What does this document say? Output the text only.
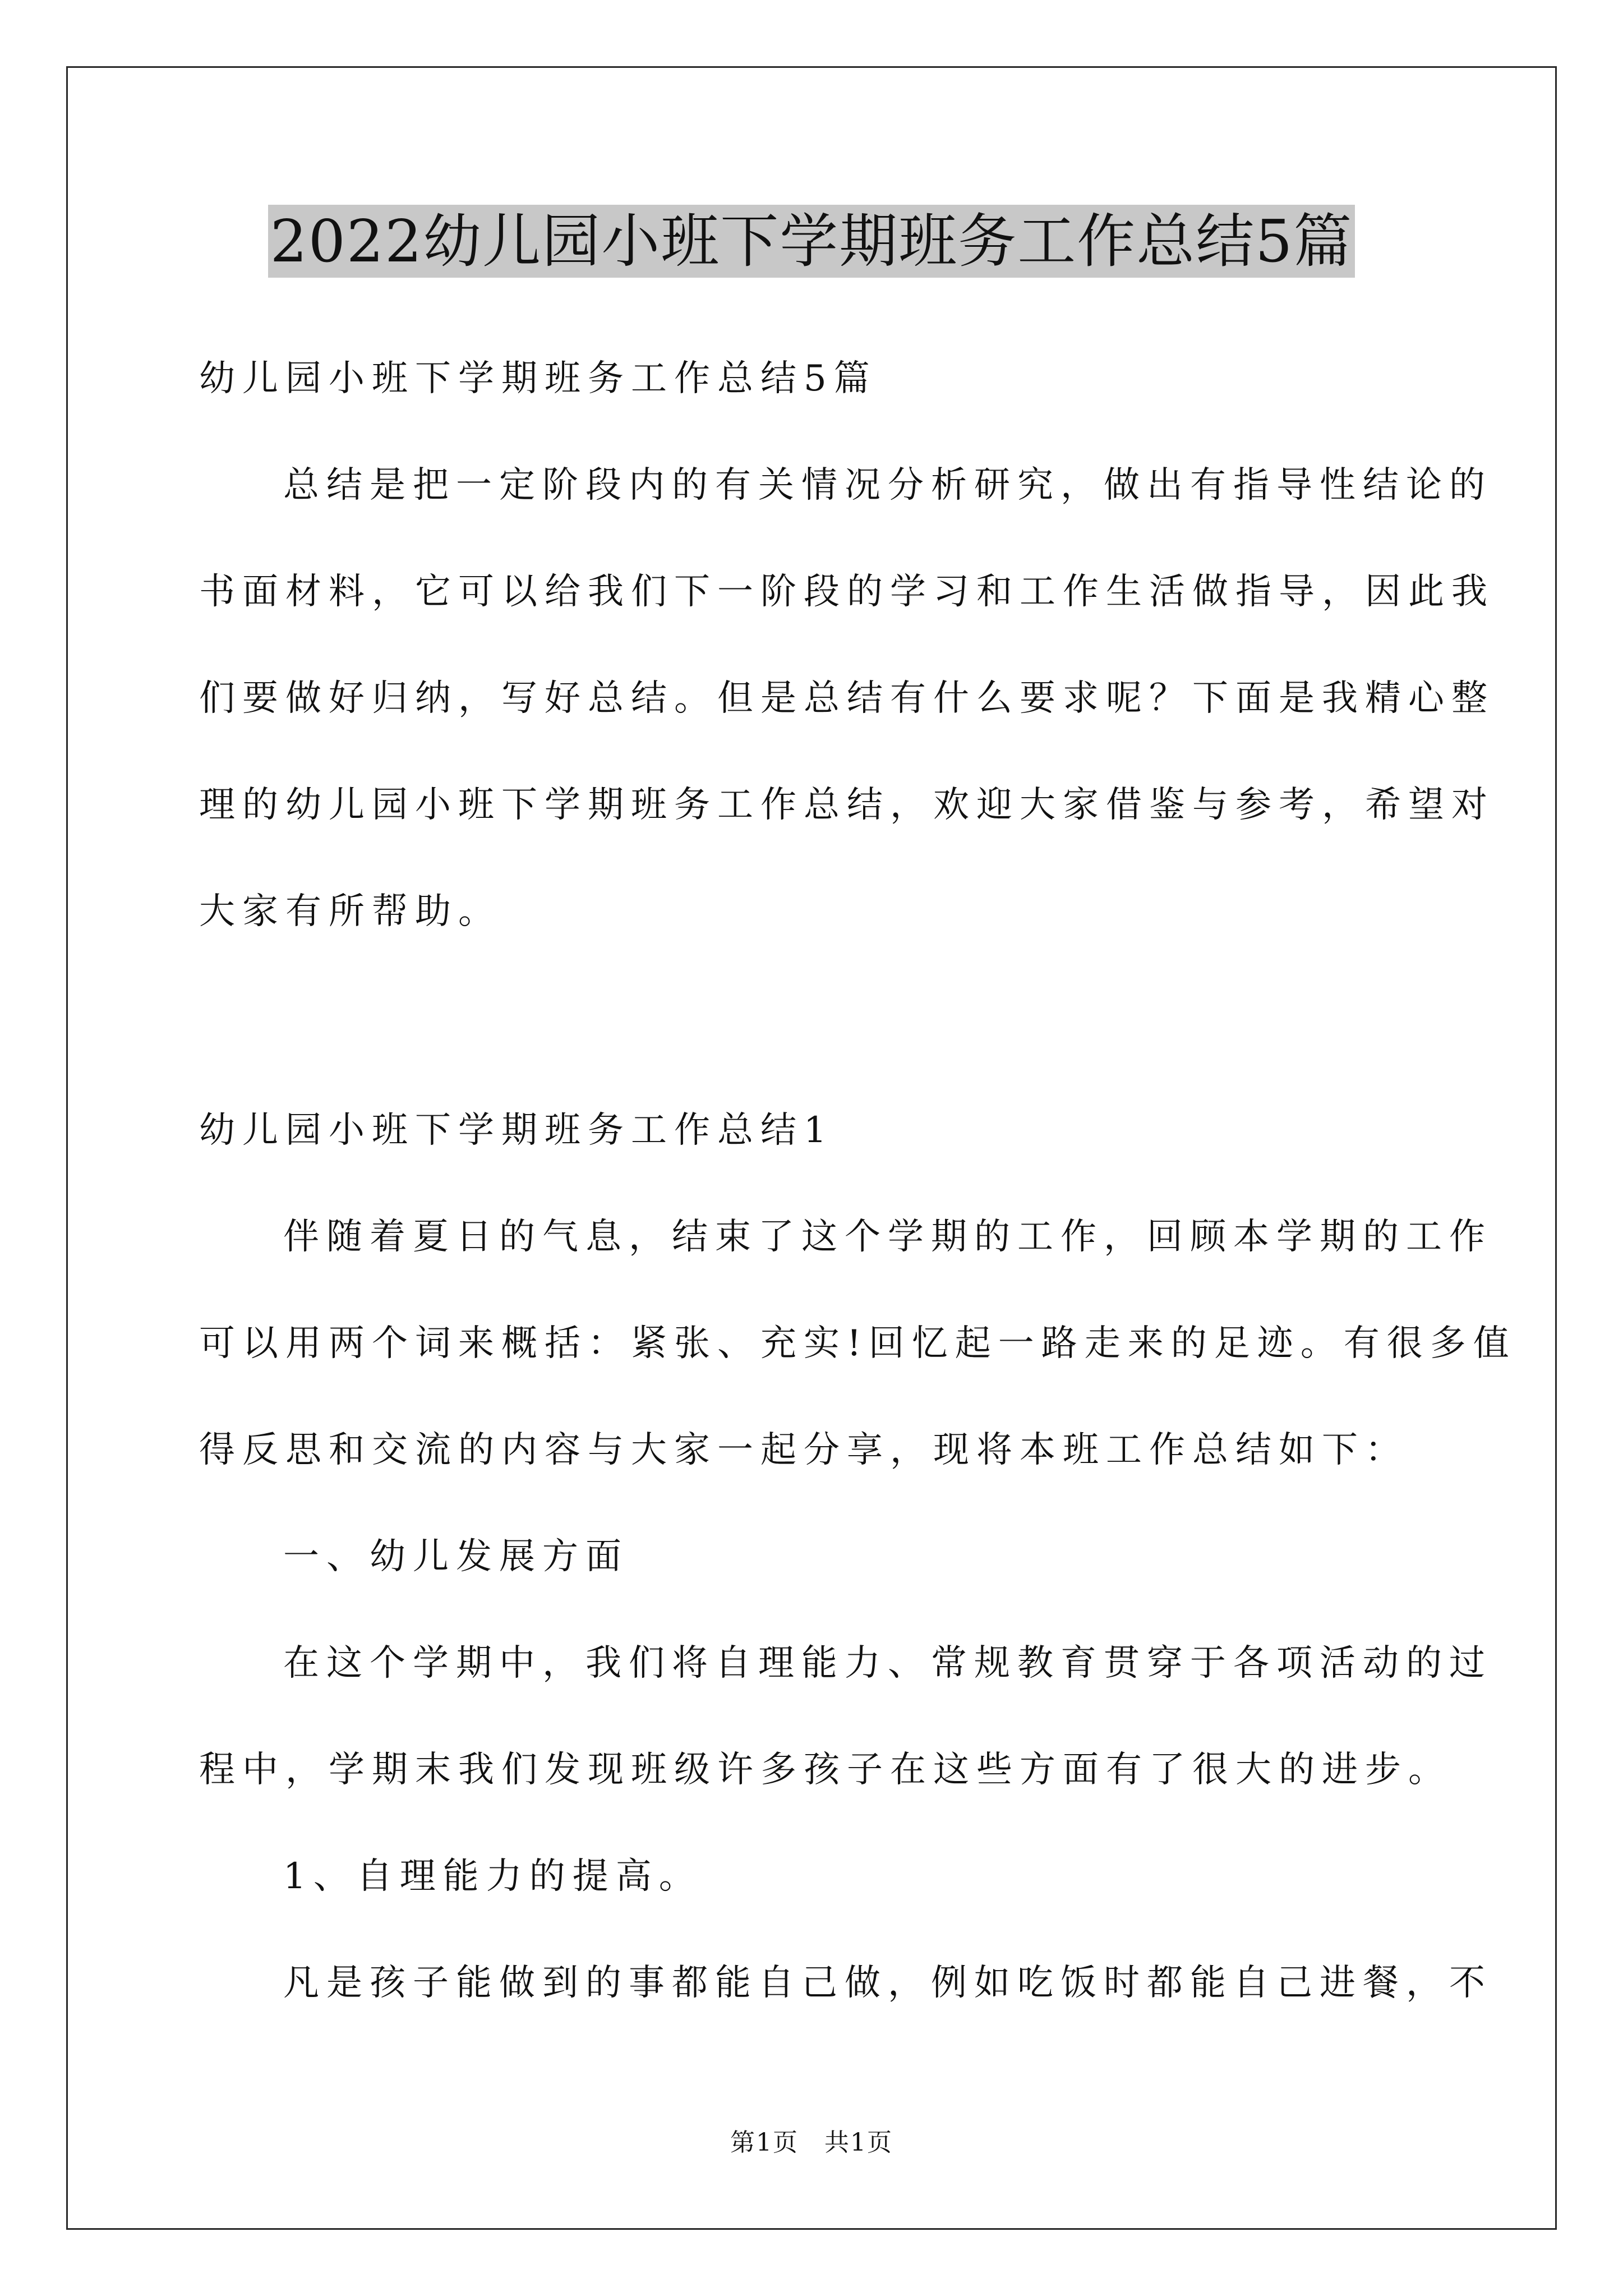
2022幼儿园小班下学期班务工作总结5篇
幼儿园小班下学期班务工作总结5篇
总结是把一定阶段内的有关情况分析研究，做出有指导性结论的
书面材料，它可以给我们下一阶段的学习和工作生活做指导，因此我
们要做好归纳，写好总结。但是总结有什么要求呢？下面是我精心整
理的幼儿园小班下学期班务工作总结，欢迎大家借鉴与参考，希望对
大家有所帮助。
幼儿园小班下学期班务工作总结1
伴随着夏日的气息，结束了这个学期的工作，回顾本学期的工作
可以用两个词来概括：紧张、充实!回忆起一路走来的足迹。有很多值
得反思和交流的内容与大家一起分享，现将本班工作总结如下：
一、幼儿发展方面
在这个学期中，我们将自理能力、常规教育贯穿于各项活动的过
程中，学期末我们发现班级许多孩子在这些方面有了很大的进步。
1、自理能力的提高。
凡是孩子能做到的事都能自己做，例如吃饭时都能自己进餐，不
第1页　共1页
